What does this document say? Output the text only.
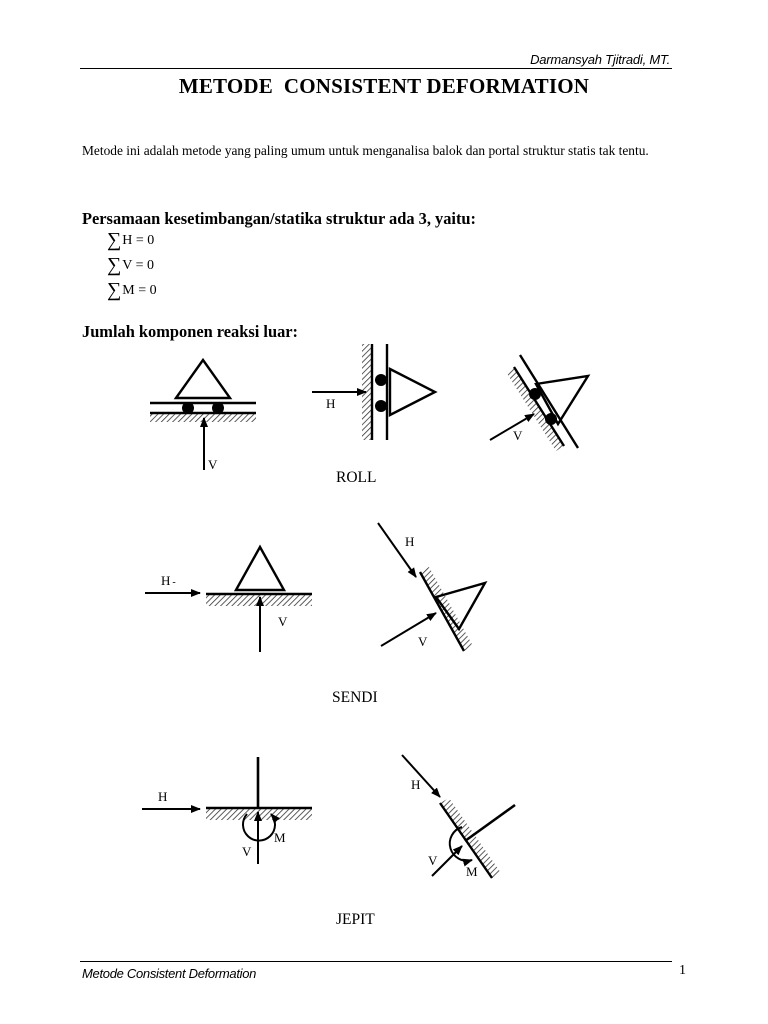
Darmansyah Tjitradi, MT.
METODE  CONSISTENT DEFORMATION
Metode ini adalah metode yang paling umum untuk menganalisa balok dan portal struktur statis tak tentu.
Persamaan kesetimbangan/statika struktur ada 3, yaitu:
∑H = 0
∑V = 0
∑M = 0
Jumlah komponen reaksi luar:
V
H
V
ROLL
H -
V
H
V
SENDI
H
V
M
H
V
M
JEPIT
Metode Consistent Deformation	1
